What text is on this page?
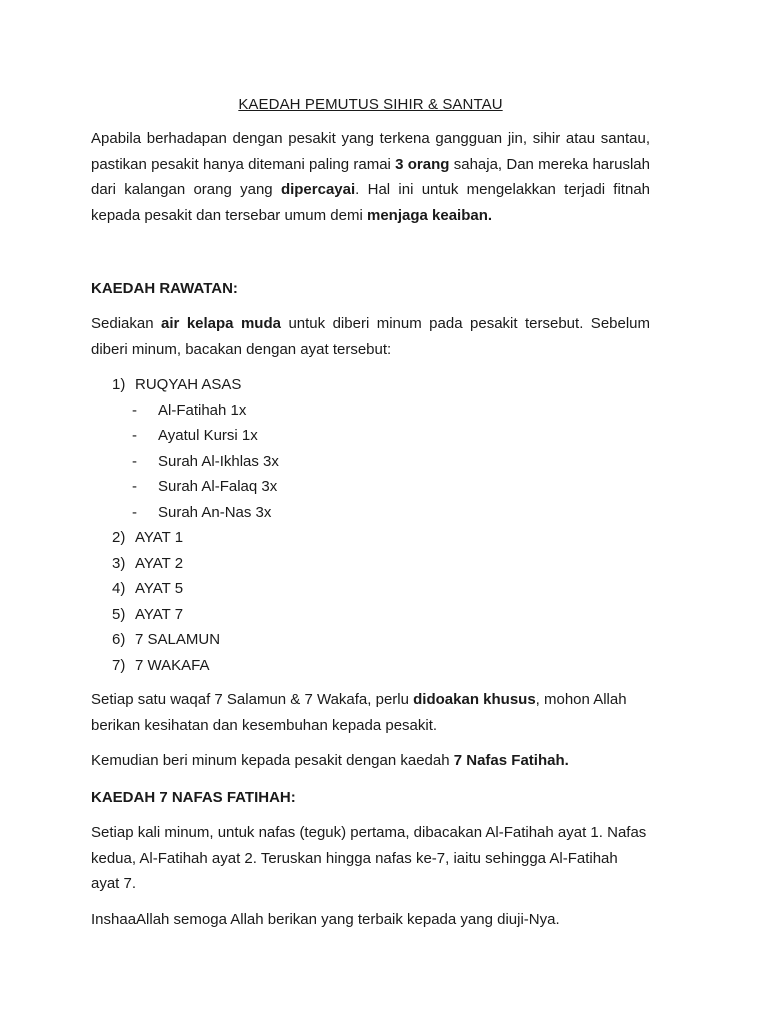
KAEDAH PEMUTUS SIHIR & SANTAU

Apabila berhadapan dengan pesakit yang terkena gangguan jin, sihir atau santau, pastikan pesakit hanya ditemani paling ramai 3 orang sahaja, Dan mereka haruslah dari kalangan orang yang dipercayai. Hal ini untuk mengelakkan terjadi fitnah kepada pesakit dan tersebar umum demi menjaga keaiban.

KAEDAH RAWATAN:

Sediakan air kelapa muda untuk diberi minum pada pesakit tersebut. Sebelum diberi minum, bacakan dengan ayat tersebut:

1) RUQYAH ASAS
- Al-Fatihah 1x
- Ayatul Kursi 1x
- Surah Al-Ikhlas 3x
- Surah Al-Falaq 3x
- Surah An-Nas 3x
2) AYAT 1
3) AYAT 2
4) AYAT 5
5) AYAT 7
6) 7 SALAMUN
7) 7 WAKAFA

Setiap satu waqaf 7 Salamun & 7 Wakafa, perlu didoakan khusus, mohon Allah berikan kesihatan dan kesembuhan kepada pesakit.

Kemudian beri minum kepada pesakit dengan kaedah 7 Nafas Fatihah.

KAEDAH 7 NAFAS FATIHAH:

Setiap kali minum, untuk nafas (teguk) pertama, dibacakan Al-Fatihah ayat 1. Nafas kedua, Al-Fatihah ayat 2. Teruskan hingga nafas ke-7, iaitu sehingga Al-Fatihah ayat 7.

InshaaAllah semoga Allah berikan yang terbaik kepada yang diuji-Nya.
